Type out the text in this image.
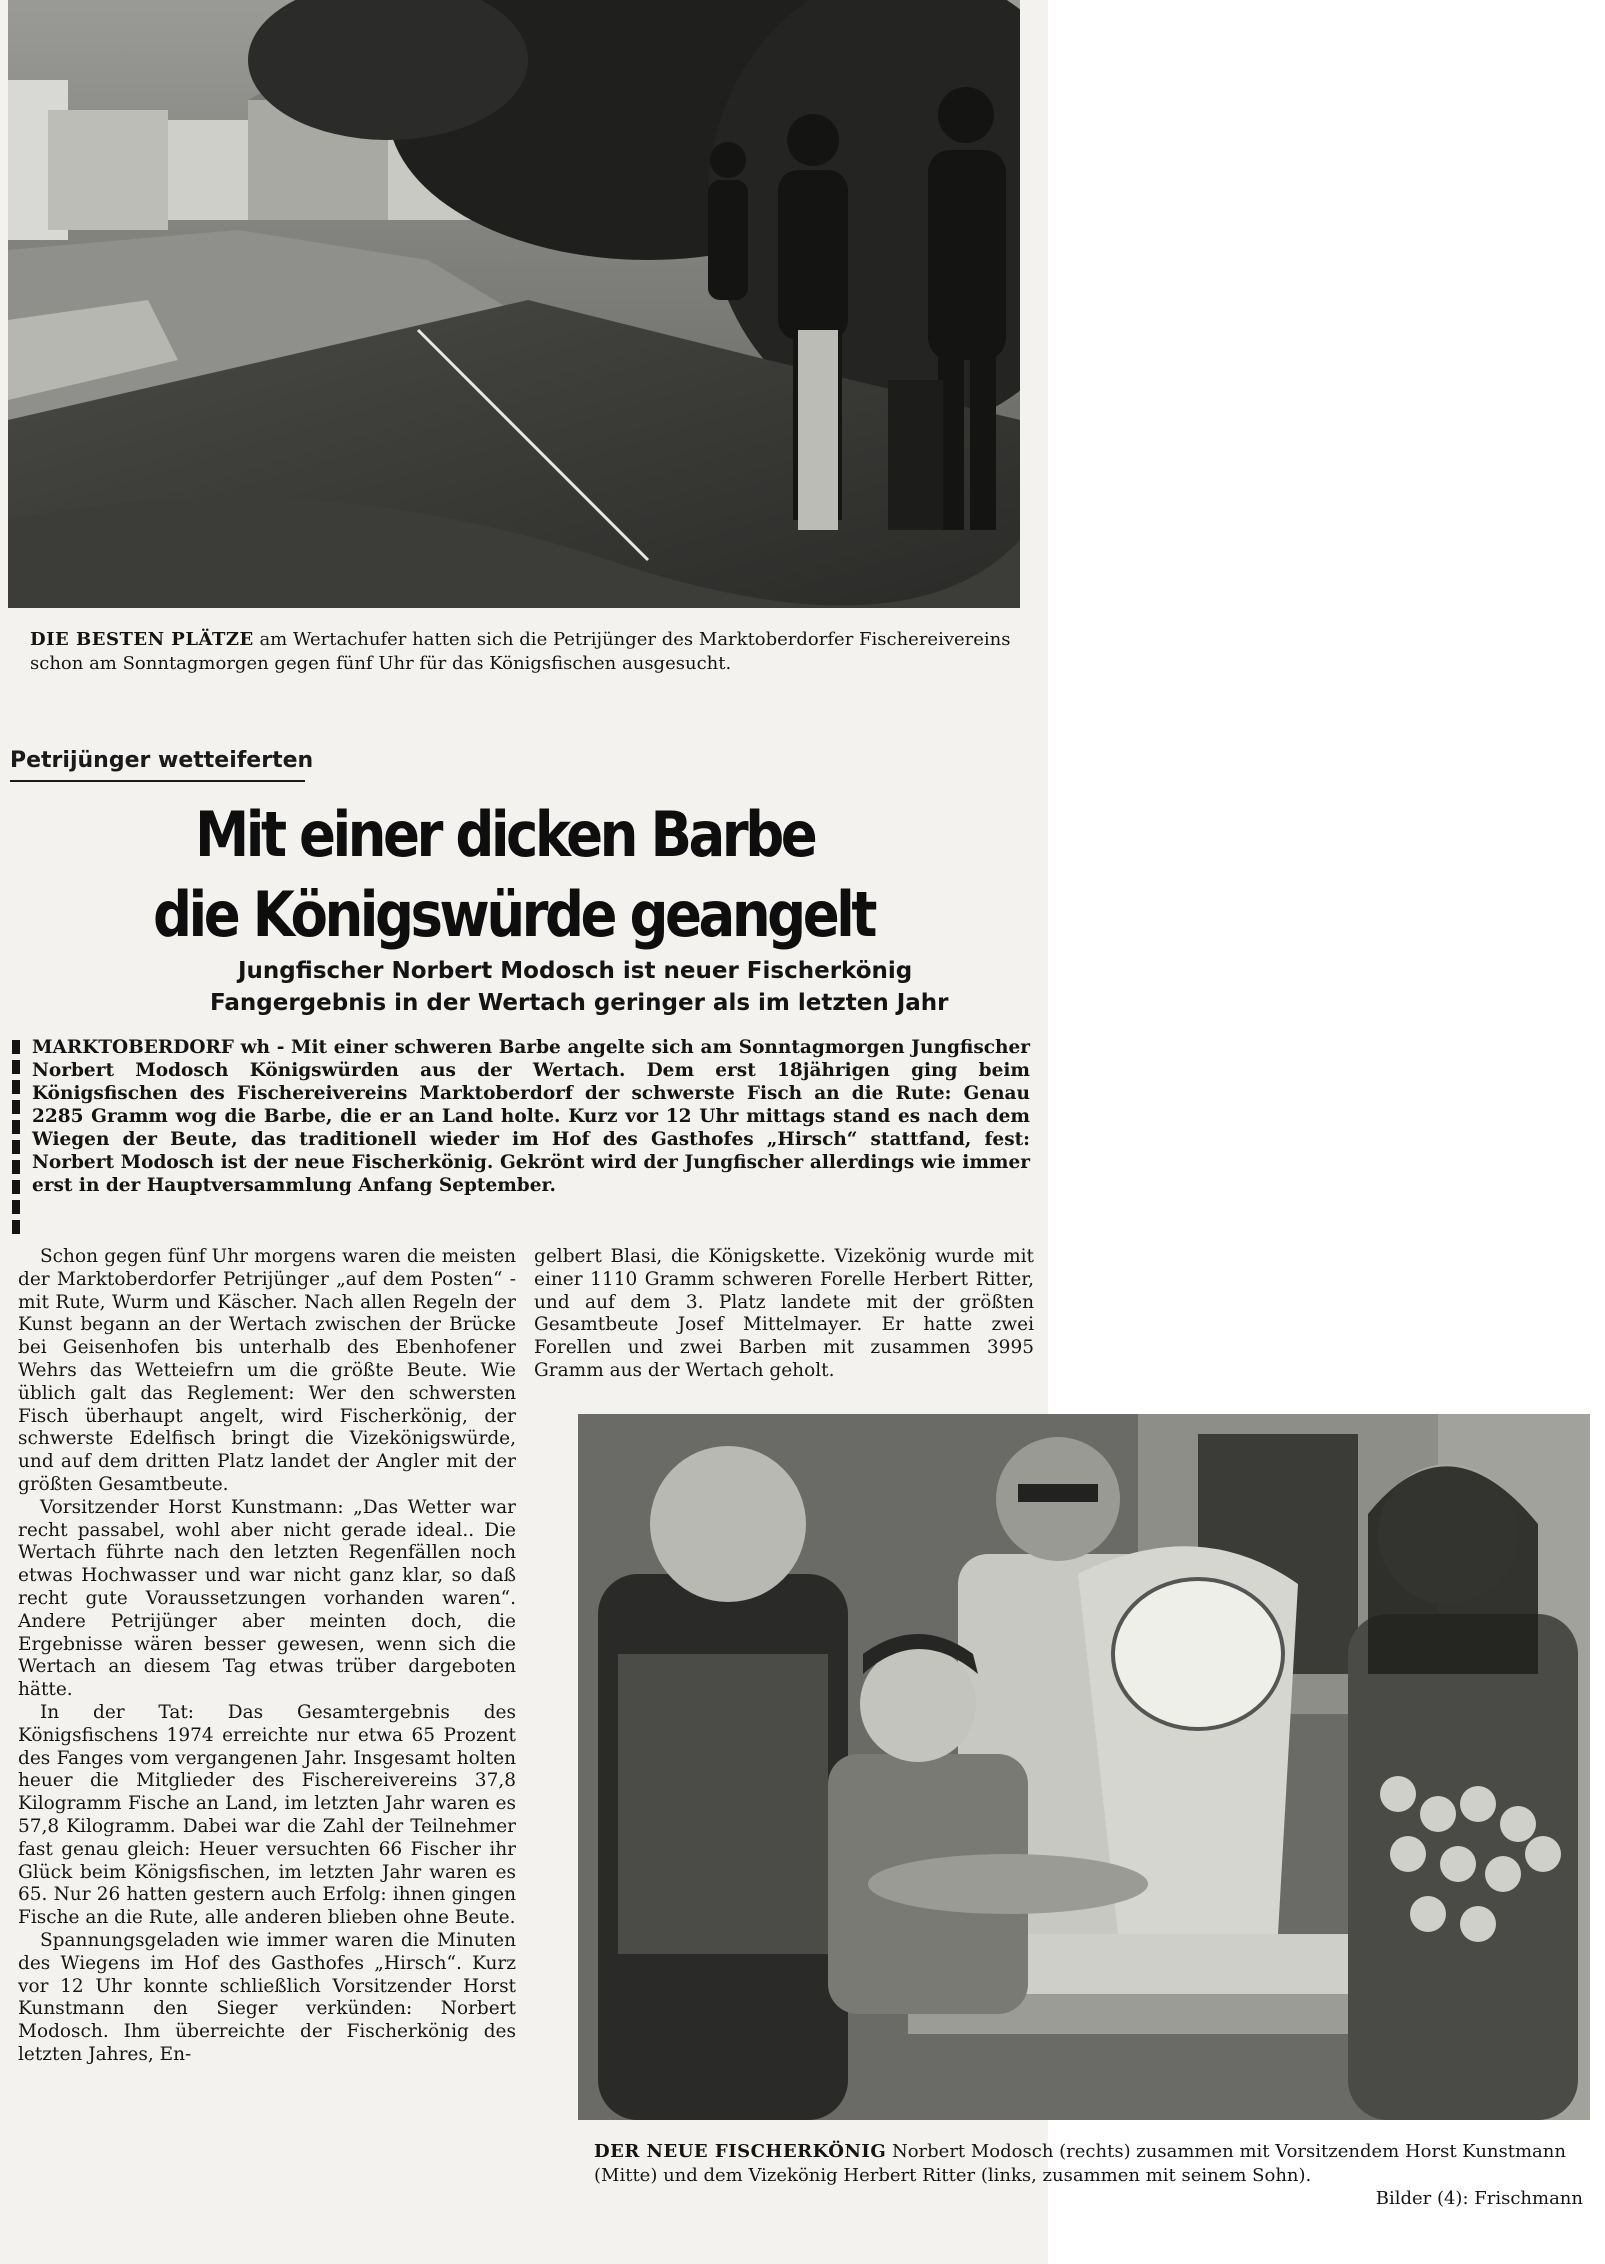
DIE BESTEN PLÄTZE am Wertachufer hatten sich die Petrijünger des Marktoberdorfer Fischereivereins schon am Sonntagmorgen gegen fünf Uhr für das Königsfischen ausgesucht.

Petrijünger wetteiferten
Mit einer dicken Barbe
die Königswürde geangelt
Jungfischer Norbert Modosch ist neuer Fischerkönig
Fangergebnis in der Wertach geringer als im letzten Jahr

MARKTOBERDORF wh - Mit einer schweren Barbe angelte sich am Sonntagmorgen Jungfischer Norbert Modosch Königswürden aus der Wertach. Dem erst 18jährigen ging beim Königsfischen des Fischereivereins Marktoberdorf der schwerste Fisch an die Rute: Genau 2285 Gramm wog die Barbe, die er an Land holte. Kurz vor 12 Uhr mittags stand es nach dem Wiegen der Beute, das traditionell wieder im Hof des Gasthofes „Hirsch“ stattfand, fest: Norbert Modosch ist der neue Fischerkönig. Gekrönt wird der Jungfischer allerdings wie immer erst in der Hauptversammlung Anfang September.

Schon gegen fünf Uhr morgens waren die meisten der Marktoberdorfer Petrijünger „auf dem Posten“ - mit Rute, Wurm und Käscher. Nach allen Regeln der Kunst begann an der Wertach zwischen der Brücke bei Geisenhofen bis unterhalb des Ebenhofener Wehrs das Wetteiefrn um die größte Beute. Wie üblich galt das Reglement: Wer den schwersten Fisch überhaupt angelt, wird Fischerkönig, der schwerste Edelfisch bringt die Vizekönigswürde, und auf dem dritten Platz landet der Angler mit der größten Gesamtbeute.

Vorsitzender Horst Kunstmann: „Das Wetter war recht passabel, wohl aber nicht gerade ideal.. Die Wertach führte nach den letzten Regenfällen noch etwas Hochwasser und war nicht ganz klar, so daß recht gute Voraussetzungen vorhanden waren“. Andere Petrijünger aber meinten doch, die Ergebnisse wären besser gewesen, wenn sich die Wertach an diesem Tag etwas trüber dargeboten hätte.

In der Tat: Das Gesamtergebnis des Königsfischens 1974 erreichte nur etwa 65 Prozent des Fanges vom vergangenen Jahr. Insgesamt holten heuer die Mitglieder des Fischereivereins 37,8 Kilogramm Fische an Land, im letzten Jahr waren es 57,8 Kilogramm. Dabei war die Zahl der Teilnehmer fast genau gleich: Heuer versuchten 66 Fischer ihr Glück beim Königsfischen, im letzten Jahr waren es 65. Nur 26 hatten gestern auch Erfolg: ihnen gingen Fische an die Rute, alle anderen blieben ohne Beute.

Spannungsgeladen wie immer waren die Minuten des Wiegens im Hof des Gasthofes „Hirsch“. Kurz vor 12 Uhr konnte schließlich Vorsitzender Horst Kunstmann den Sieger verkünden: Norbert Modosch. Ihm überreichte der Fischerkönig des letzten Jahres, En-

gelbert Blasi, die Königskette. Vizekönig wurde mit einer 1110 Gramm schweren Forelle Herbert Ritter, und auf dem 3. Platz landete mit der größten Gesamtbeute Josef Mittelmayer. Er hatte zwei Forellen und zwei Barben mit zusammen 3995 Gramm aus der Wertach geholt.

DER NEUE FISCHERKÖNIG Norbert Modosch (rechts) zusammen mit Vorsitzendem Horst Kunstmann (Mitte) und dem Vizekönig Herbert Ritter (links, zusammen mit seinem Sohn).

Bilder (4): Frischmann
